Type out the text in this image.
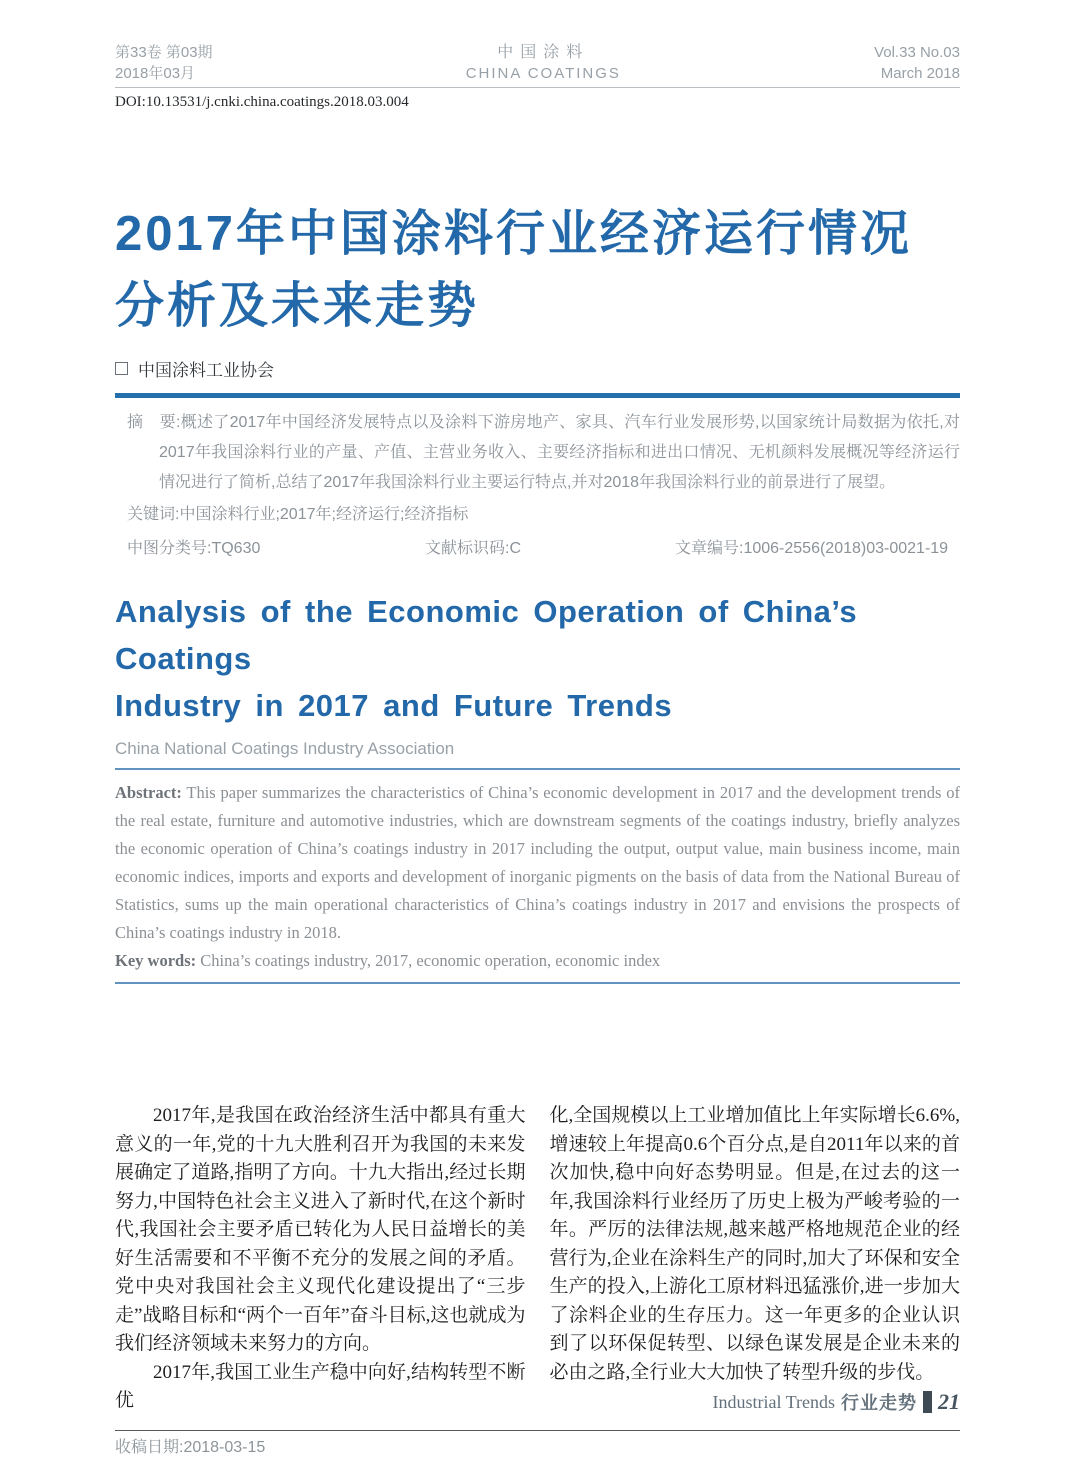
第33卷 第03期
2018年03月
中国涂料
CHINA COATINGS
Vol.33 No.03
March 2018
DOI:10.13531/j.cnki.china.coatings.2018.03.004
2017年中国涂料行业经济运行情况
分析及未来走势
中国涂料工业协会
摘　要:概述了2017年中国经济发展特点以及涂料下游房地产、家具、汽车行业发展形势,以国家统计局数据为依托,对2017年我国涂料行业的产量、产值、主营业务收入、主要经济指标和进出口情况、无机颜料发展概况等经济运行情况进行了简析,总结了2017年我国涂料行业主要运行特点,并对2018年我国涂料行业的前景进行了展望。
关键词:中国涂料行业;2017年;经济运行;经济指标
中图分类号:TQ630	文献标识码:C	文章编号:1006-2556(2018)03-0021-19
Analysis of the Economic Operation of China’s Coatings
Industry in 2017 and Future Trends
China National Coatings Industry Association
Abstract: This paper summarizes the characteristics of China’s economic development in 2017 and the development trends of the real estate, furniture and automotive industries, which are downstream segments of the coatings industry, briefly analyzes the economic operation of China’s coatings industry in 2017 including the output, output value, main business income, main economic indices, imports and exports and development of inorganic pigments on the basis of data from the National Bureau of Statistics, sums up the main operational characteristics of China’s coatings industry in 2017 and envisions the prospects of China’s coatings industry in 2018.
Key words: China’s coatings industry, 2017, economic operation, economic index

2017年,是我国在政治经济生活中都具有重大意义的一年,党的十九大胜利召开为我国的未来发展确定了道路,指明了方向。十九大指出,经过长期努力,中国特色社会主义进入了新时代,在这个新时代,我国社会主要矛盾已转化为人民日益增长的美好生活需要和不平衡不充分的发展之间的矛盾。党中央对我国社会主义现代化建设提出了“三步走”战略目标和“两个一百年”奋斗目标,这也就成为我们经济领域未来努力的方向。

2017年,我国工业生产稳中向好,结构转型不断优

化,全国规模以上工业增加值比上年实际增长6.6%,增速较上年提高0.6个百分点,是自2011年以来的首次加快,稳中向好态势明显。但是,在过去的这一年,我国涂料行业经历了历史上极为严峻考验的一年。严厉的法律法规,越来越严格地规范企业的经营行为,企业在涂料生产的同时,加大了环保和安全生产的投入,上游化工原材料迅猛涨价,进一步加大了涂料企业的生存压力。这一年更多的企业认识到了以环保促转型、以绿色谋发展是企业未来的必由之路,全行业大大加快了转型升级的步伐。

收稿日期:2018-03-15
Industrial Trends 行业走势 21
